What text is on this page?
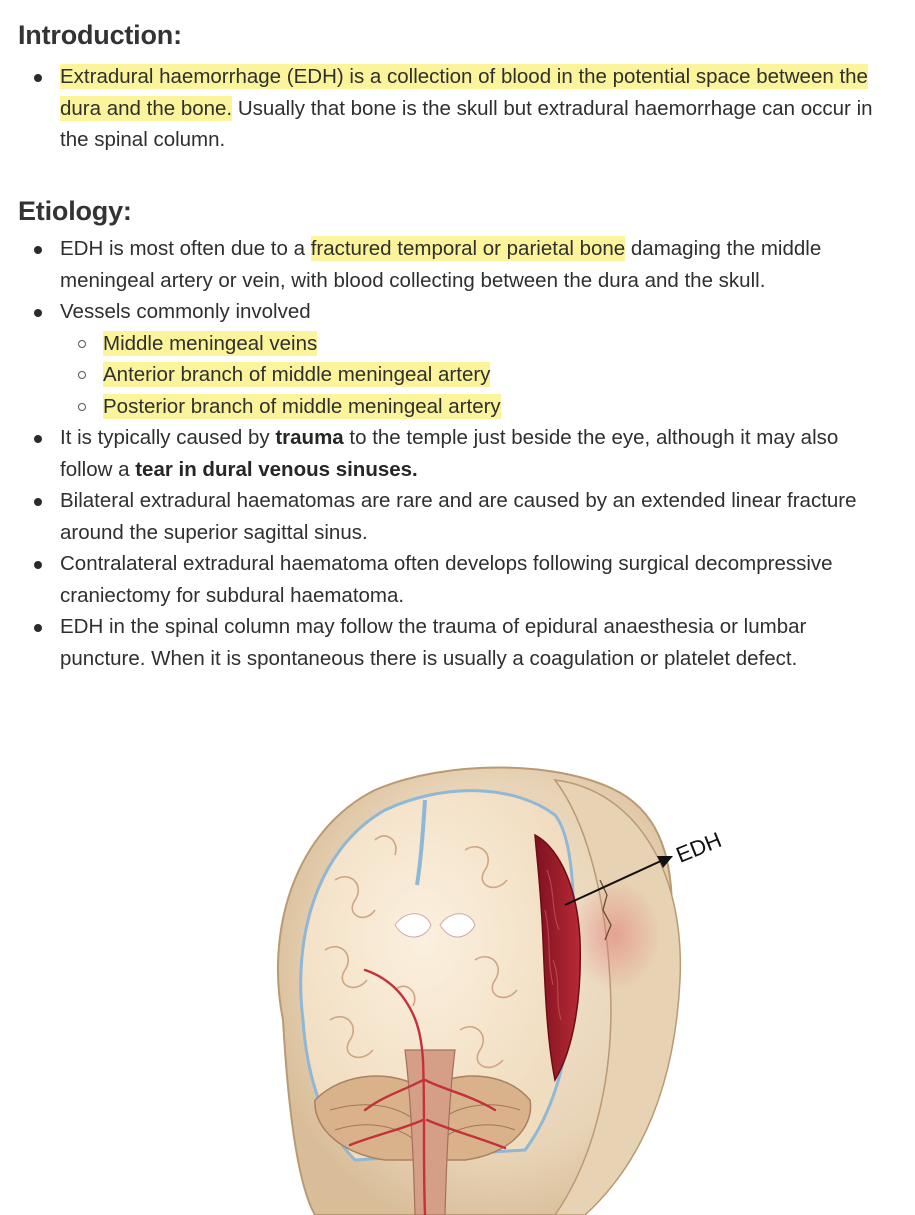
Introduction:
Extradural haemorrhage (EDH) is a collection of blood in the potential space between the dura and the bone. Usually that bone is the skull but extradural haemorrhage can occur in the spinal column.
Etiology:
EDH is most often due to a fractured temporal or parietal bone damaging the middle meningeal artery or vein, with blood collecting between the dura and the skull.
Vessels commonly involved
Middle meningeal veins
Anterior branch of middle meningeal artery
Posterior branch of middle meningeal artery
It is typically caused by trauma to the temple just beside the eye, although it may also follow a tear in dural venous sinuses.
Bilateral extradural haematomas are rare and are caused by an extended linear fracture around the superior sagittal sinus.
Contralateral extradural haematoma often develops following surgical decompressive craniectomy for subdural haematoma.
EDH in the spinal column may follow the trauma of epidural anaesthesia or lumbar puncture. When it is spontaneous there is usually a coagulation or platelet defect.
EDH
